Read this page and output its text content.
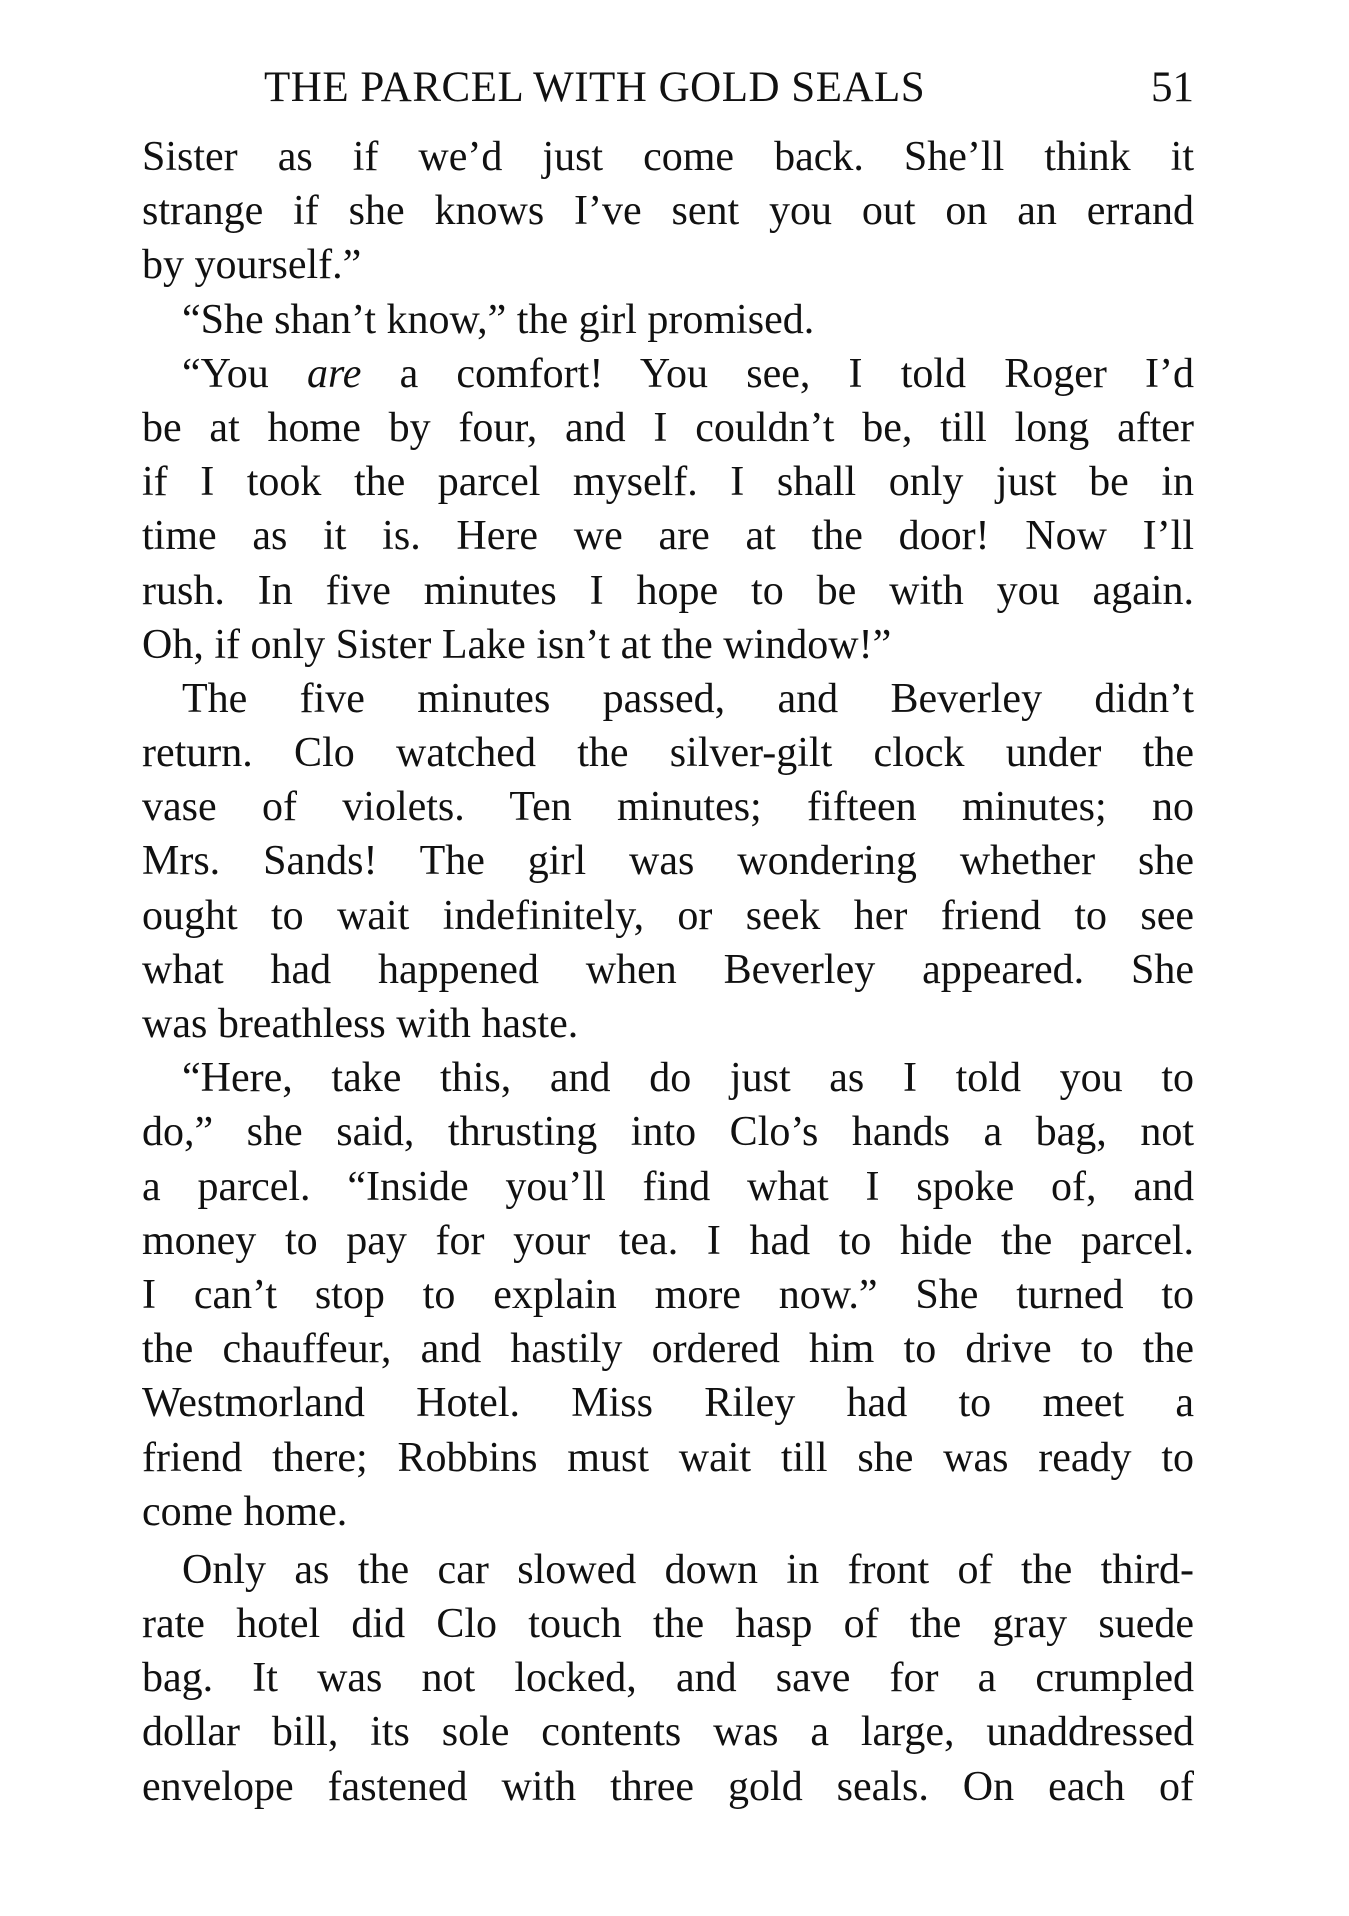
THE PARCEL WITH GOLD SEALS	51
Sister as if we’d just come back. She’ll think it
strange if she knows I’ve sent you out on an errand
by yourself.”
“She shan’t know,” the girl promised.
“You are a comfort! You see, I told Roger I’d
be at home by four, and I couldn’t be, till long after
if I took the parcel myself. I shall only just be in
time as it is. Here we are at the door! Now I’ll
rush. In five minutes I hope to be with you again.
Oh, if only Sister Lake isn’t at the window!”
The five minutes passed, and Beverley didn’t
return. Clo watched the silver-gilt clock under the
vase of violets. Ten minutes; fifteen minutes; no
Mrs. Sands! The girl was wondering whether she
ought to wait indefinitely, or seek her friend to see
what had happened when Beverley appeared. She
was breathless with haste.
“Here, take this, and do just as I told you to
do,” she said, thrusting into Clo’s hands a bag, not
a parcel. “Inside you’ll find what I spoke of, and
money to pay for your tea. I had to hide the parcel.
I can’t stop to explain more now.” She turned to
the chauffeur, and hastily ordered him to drive to the
Westmorland Hotel. Miss Riley had to meet a
friend there; Robbins must wait till she was ready to
come home.
Only as the car slowed down in front of the third-
rate hotel did Clo touch the hasp of the gray suede
bag. It was not locked, and save for a crumpled
dollar bill, its sole contents was a large, unaddressed
envelope fastened with three gold seals. On each of
